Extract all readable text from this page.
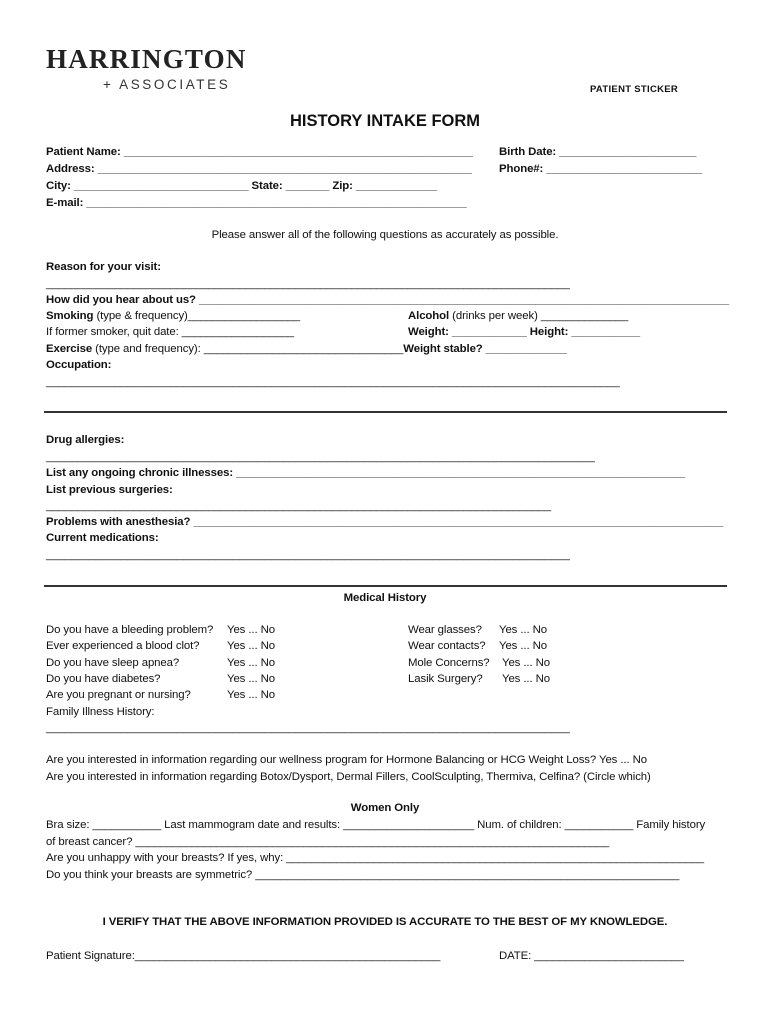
HARRINGTON
+ ASSOCIATES	PATIENT STICKER
HISTORY INTAKE FORM
Patient Name: ________________________________________________________
Address: ____________________________________________________________
City: ____________________________ State: _______ Zip: _____________
E-mail: _____________________________________________________________
Birth Date: ______________________
Phone#: _________________________
Please answer all of the following questions as accurately as possible.
Reason for your visit:
____________________________________________________________________________________
How did you hear about us? _____________________________________________________________________________________
Smoking (type & frequency)__________________
If former smoker, quit date: __________________
Exercise (type and frequency): ________________________________Weight stable? _____________
Alcohol (drinks per week) ______________
Weight: ____________ Height: ___________
Occupation:
____________________________________________________________________________________________
Drug allergies:
________________________________________________________________________________________
List any ongoing chronic illnesses: ________________________________________________________________________
List previous surgeries:
_________________________________________________________________________________
Problems with anesthesia? _____________________________________________________________________________________
Current medications:
____________________________________________________________________________________
Medical History
Do you have a bleeding problem? Yes ... No
Ever experienced a blood clot? Yes ... No
Do you have sleep apnea?	Yes ... No
Do you have diabetes?	Yes ... No
Are you pregnant or nursing?	Yes ... No
Wear glasses? Yes ... No
Wear contacts? Yes ... No
Mole Concerns? Yes ... No
Lasik Surgery? Yes ... No
Family Illness History:
____________________________________________________________________________________
Are you interested in information regarding our wellness program for Hormone Balancing or HCG Weight Loss? Yes ... No
Are you interested in information regarding Botox/Dysport, Dermal Fillers, CoolSculpting, Thermiva, Celfina? (Circle which)
Women Only
Bra size: ___________ Last mammogram date and results: _____________________ Num. of children: ___________ Family history
of breast cancer? ____________________________________________________________________________
Are you unhappy with your breasts? If yes, why: ___________________________________________________________________
Do you think your breasts are symmetric? ____________________________________________________________________
I VERIFY THAT THE ABOVE INFORMATION PROVIDED IS ACCURATE TO THE BEST OF MY KNOWLEDGE.
Patient Signature:_________________________________________________	DATE: ________________________
